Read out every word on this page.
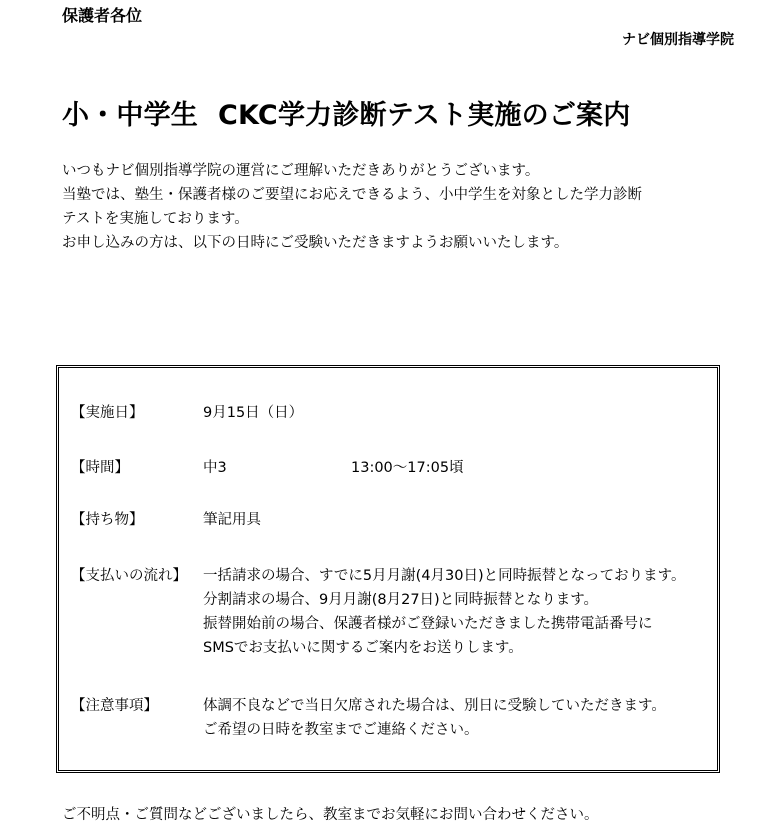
保護者各位
ナビ個別指導学院
小・中学生 CKC学力診断テスト実施のご案内

いつもナビ個別指導学院の運営にご理解いただきありがとうございます。

当塾では、塾生・保護者様のご要望にお応えできるよう、小中学生を対象とした学力診断

テストを実施しております。

お申し込みの方は、以下の日時にご受験いただきますようお願いいたします。

【実施日】	9月15日（日）
【時間】	中3	13:00～17:05頃
【持ち物】	筆記用具
【支払いの流れ】	一括請求の場合、すでに5月月謝(4月30日)と同時振替となっております。

分割請求の場合、9月月謝(8月27日)と同時振替となります。

振替開始前の場合、保護者様がご登録いただきました携帯電話番号に

SMSでお支払いに関するご案内をお送りします。

【注意事項】	体調不良などで当日欠席された場合は、別日に受験していただきます。

ご希望の日時を教室までご連絡ください。

ご不明点・ご質問などございましたら、教室までお気軽にお問い合わせください。
